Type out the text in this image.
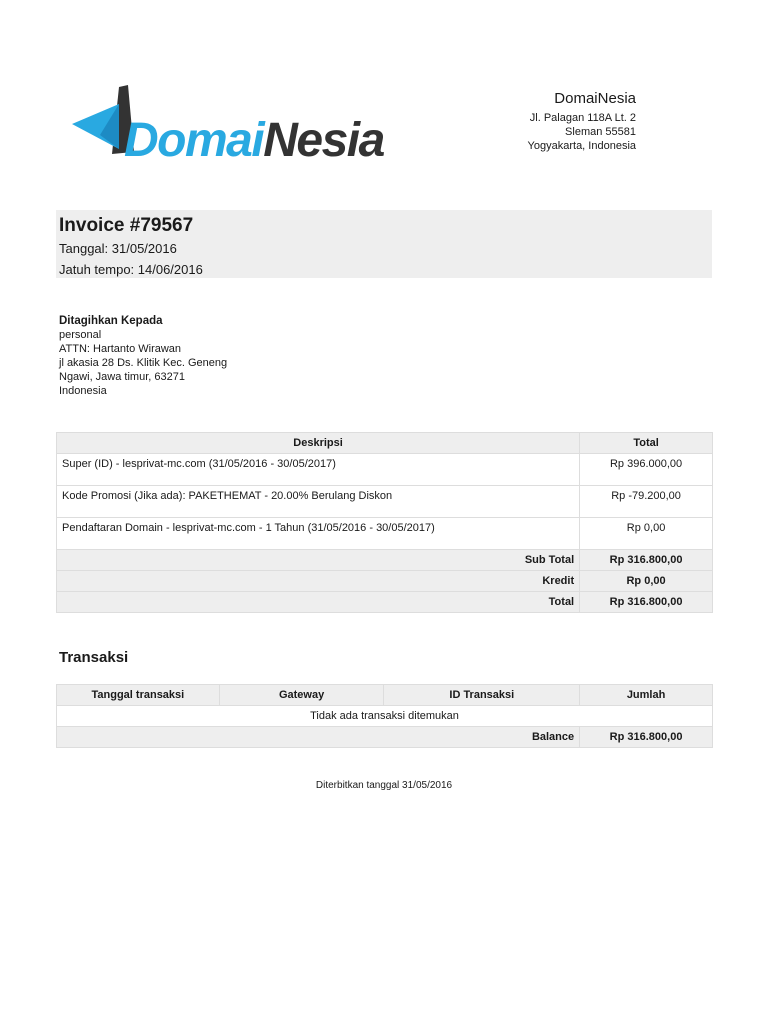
DomaiNesia
DomaiNesia
Jl. Palagan 118A Lt. 2
Sleman 55581
Yogyakarta, Indonesia
Invoice #79567
Tanggal: 31/05/2016
Jatuh tempo: 14/06/2016
Ditagihkan Kepada
personal
ATTN: Hartanto Wirawan
jl akasia 28 Ds. Klitik Kec. Geneng
Ngawi, Jawa timur, 63271
Indonesia
Deskripsi	Total
Super (ID) - lesprivat-mc.com (31/05/2016 - 30/05/2017)	Rp 396.000,00
Kode Promosi (Jika ada): PAKETHEMAT - 20.00% Berulang Diskon	Rp -79.200,00
Pendaftaran Domain - lesprivat-mc.com - 1 Tahun (31/05/2016 - 30/05/2017)	Rp 0,00
Sub Total	Rp 316.800,00
Kredit	Rp 0,00
Total	Rp 316.800,00
Transaksi
Tanggal transaksi	Gateway	ID Transaksi	Jumlah
Tidak ada transaksi ditemukan			
Balance			Rp 316.800,00
Diterbitkan tanggal 31/05/2016
